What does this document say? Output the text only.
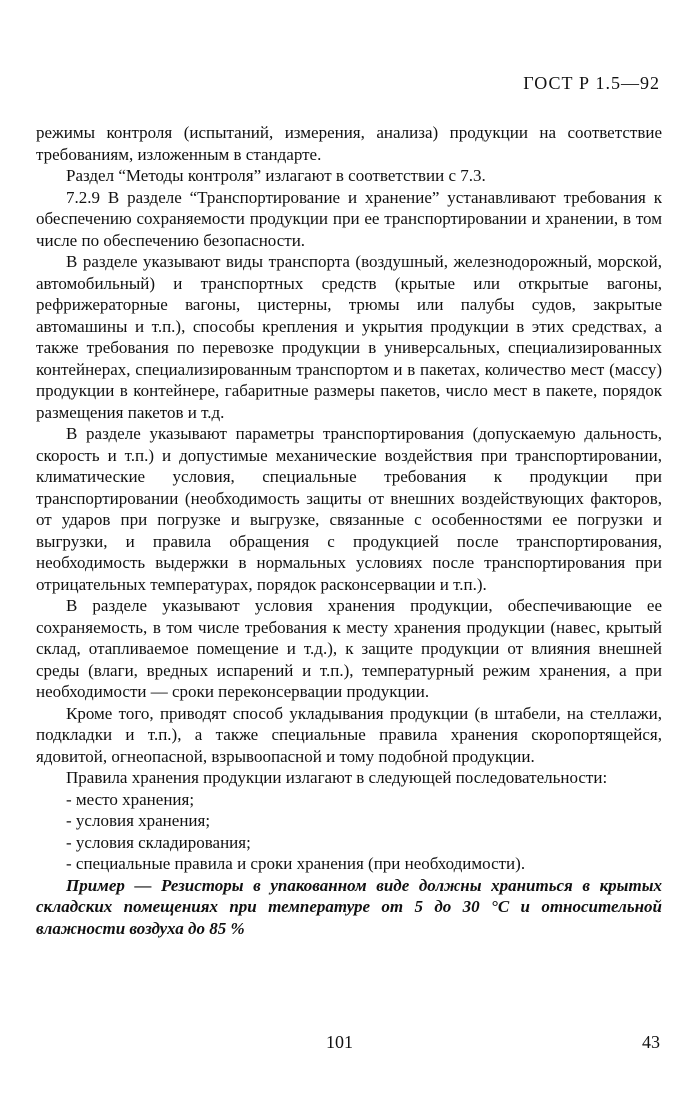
ГОСТ Р 1.5—92

режимы контроля (испытаний, измерения, анализа) продукции на соответствие требованиям, изложенным в стандарте.

Раздел “Методы контроля” излагают в соответствии с 7.3.

7.2.9 В разделе “Транспортирование и хранение” устанавливают требования к обеспечению сохраняемости продукции при ее транспортировании и хранении, в том числе по обеспечению безопасности.

В разделе указывают виды транспорта (воздушный, железнодорожный, морской, автомобильный) и транспортных средств (крытые или открытые вагоны, рефрижераторные вагоны, цистерны, трюмы или палубы судов, закрытые автомашины и т.п.), способы крепления и укрытия продукции в этих средствах, а также требования по перевозке продукции в универсальных, специализированных контейнерах, специализированным транспортом и в пакетах, количество мест (массу) продукции в контейнере, габаритные размеры пакетов, число мест в пакете, порядок размещения пакетов и т.д.

В разделе указывают параметры транспортирования (допускаемую дальность, скорость и т.п.) и допустимые механические воздействия при транспортировании, климатические условия, специальные требования к продукции при транспортировании (необходимость защиты от внешних воздействующих факторов, от ударов при погрузке и выгрузке, связанные с особенностями ее погрузки и выгрузки, и правила обращения с продукцией после транспортирования, необходимость выдержки в нормальных условиях после транспортирования при отрицательных температурах, порядок расконсервации и т.п.).

В разделе указывают условия хранения продукции, обеспечивающие ее сохраняемость, в том числе требования к месту хранения продукции (навес, крытый склад, отапливаемое помещение и т.д.), к защите продукции от влияния внешней среды (влаги, вредных испарений и т.п.), температурный режим хранения, а при необходимости — сроки переконсервации продукции.

Кроме того, приводят способ укладывания продукции (в штабели, на стеллажи, подкладки и т.п.), а также специальные правила хранения скоропортящейся, ядовитой, огнеопасной, взрывоопасной и тому подобной продукции.

Правила хранения продукции излагают в следующей последовательности:

- место хранения;

- условия хранения;

- условия складирования;

- специальные правила и сроки хранения (при необходимости).

Пример — Резисторы в упакованном виде должны храниться в крытых складских помещениях при температуре от 5 до 30 °С и относительной влажности воздуха до 85 %

101	43
